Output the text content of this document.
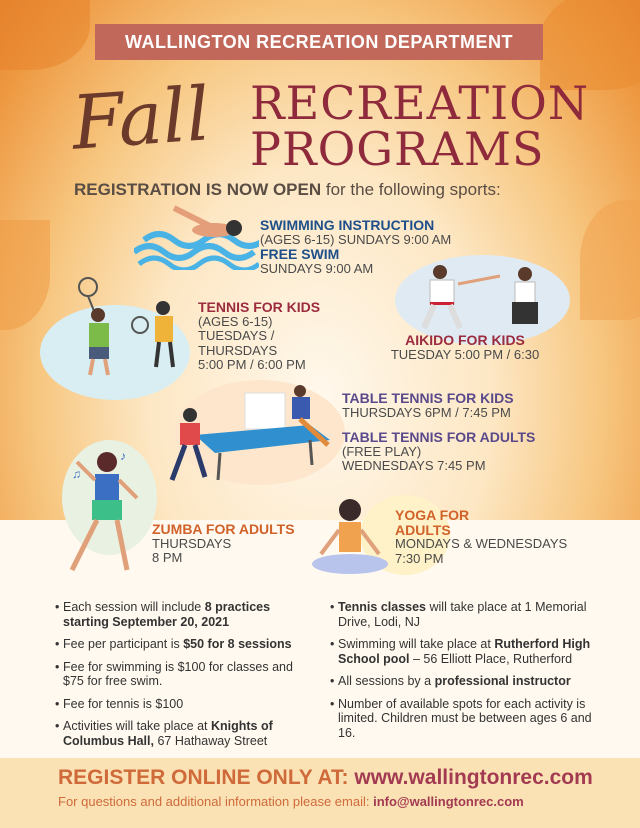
WALLINGTON RECREATION DEPARTMENT
Fall RECREATION
PROGRAMS
REGISTRATION IS NOW OPEN for the following sports:
SWIMMING INSTRUCTION
(AGES 6-15) SUNDAYS 9:00 AM
FREE SWIM
SUNDAYS 9:00 AM
TENNIS FOR KIDS
(AGES 6-15)
TUESDAYS /
THURSDAYS
5:00 PM / 6:00 PM
AIKIDO FOR KIDS
TUESDAY 5:00 PM / 6:30
TABLE TENNIS FOR KIDS
THURSDAYS 6PM / 7:45 PM
TABLE TENNIS FOR ADULTS
(FREE PLAY)
WEDNESDAYS 7:45 PM
♫
♪
ZUMBA FOR ADULTS
THURSDAYS
8 PM
YOGA FOR
ADULTS
MONDAYS & WEDNESDAYS
7:30 PM
• Each session will include 8 practices starting September 20, 2021
• Fee per participant is $50 for 8 sessions
• Fee for swimming is $100 for classes and $75 for free swim.
• Fee for tennis is $100
• Activities will take place at Knights of Columbus Hall, 67 Hathaway Street
• Tennis classes will take place at 1 Memorial Drive, Lodi, NJ
• Swimming will take place at Rutherford High School pool – 56 Elliott Place, Rutherford
• All sessions by a professional instructor
• Number of available spots for each activity is limited. Children must be between ages 6 and 16.
REGISTER ONLINE ONLY AT: www.wallingtonrec.com
For questions and additional information please email: info@wallingtonrec.com
